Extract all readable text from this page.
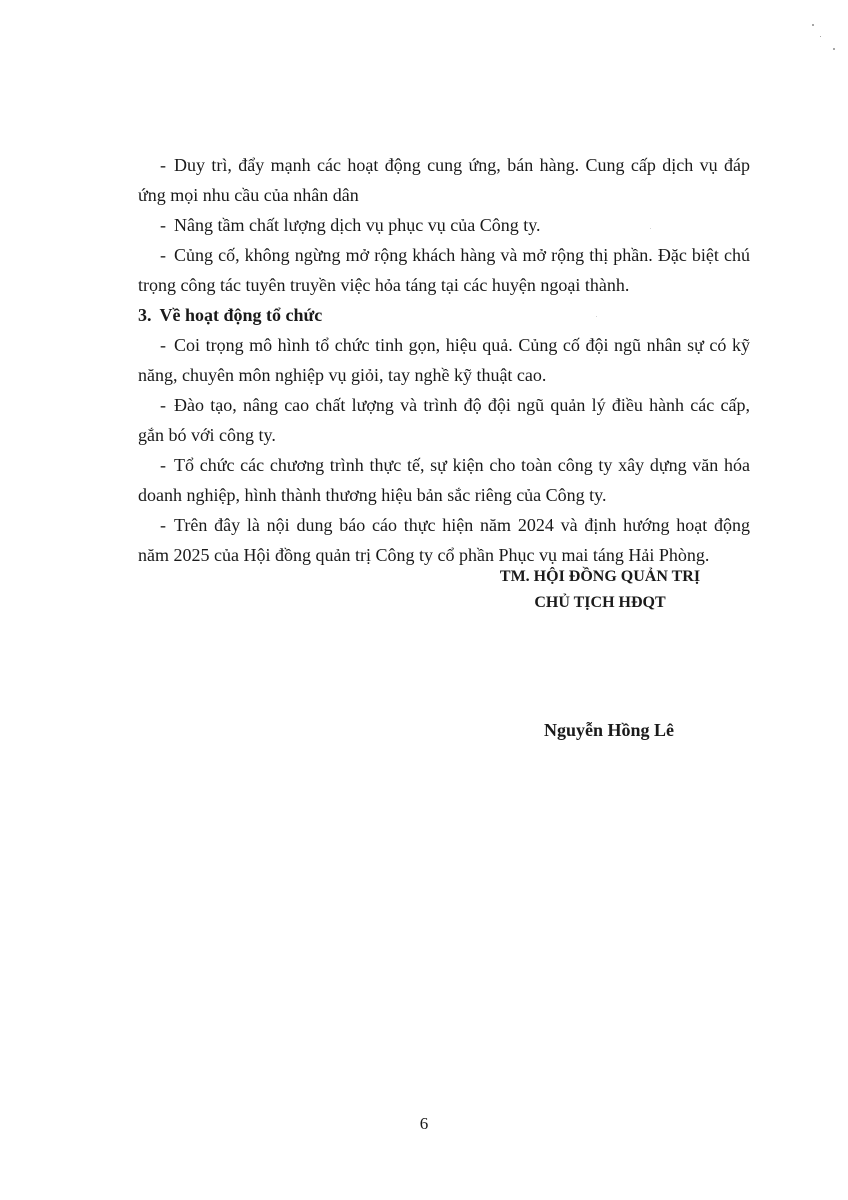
- Duy trì, đẩy mạnh các hoạt động cung ứng, bán hàng. Cung cấp dịch vụ đáp ứng mọi nhu cầu của nhân dân

- Nâng tầm chất lượng dịch vụ phục vụ của Công ty.

- Củng cố, không ngừng mở rộng khách hàng và mở rộng thị phần. Đặc biệt chú trọng công tác tuyên truyền việc hỏa táng tại các huyện ngoại thành.

3. Về hoạt động tổ chức

- Coi trọng mô hình tổ chức tinh gọn, hiệu quả. Củng cố đội ngũ nhân sự có kỹ năng, chuyên môn nghiệp vụ giỏi, tay nghề kỹ thuật cao.

- Đào tạo, nâng cao chất lượng và trình độ đội ngũ quản lý điều hành các cấp, gắn bó với công ty.

- Tổ chức các chương trình thực tế, sự kiện cho toàn công ty xây dựng văn hóa doanh nghiệp, hình thành thương hiệu bản sắc riêng của Công ty.

- Trên đây là nội dung báo cáo thực hiện năm 2024 và định hướng hoạt động năm 2025 của Hội đồng quản trị Công ty cổ phần Phục vụ mai táng Hải Phòng.

TM. HỘI ĐỒNG QUẢN TRỊ
CHỦ TỊCH HĐQT
Nguyễn Hồng Lê
6
